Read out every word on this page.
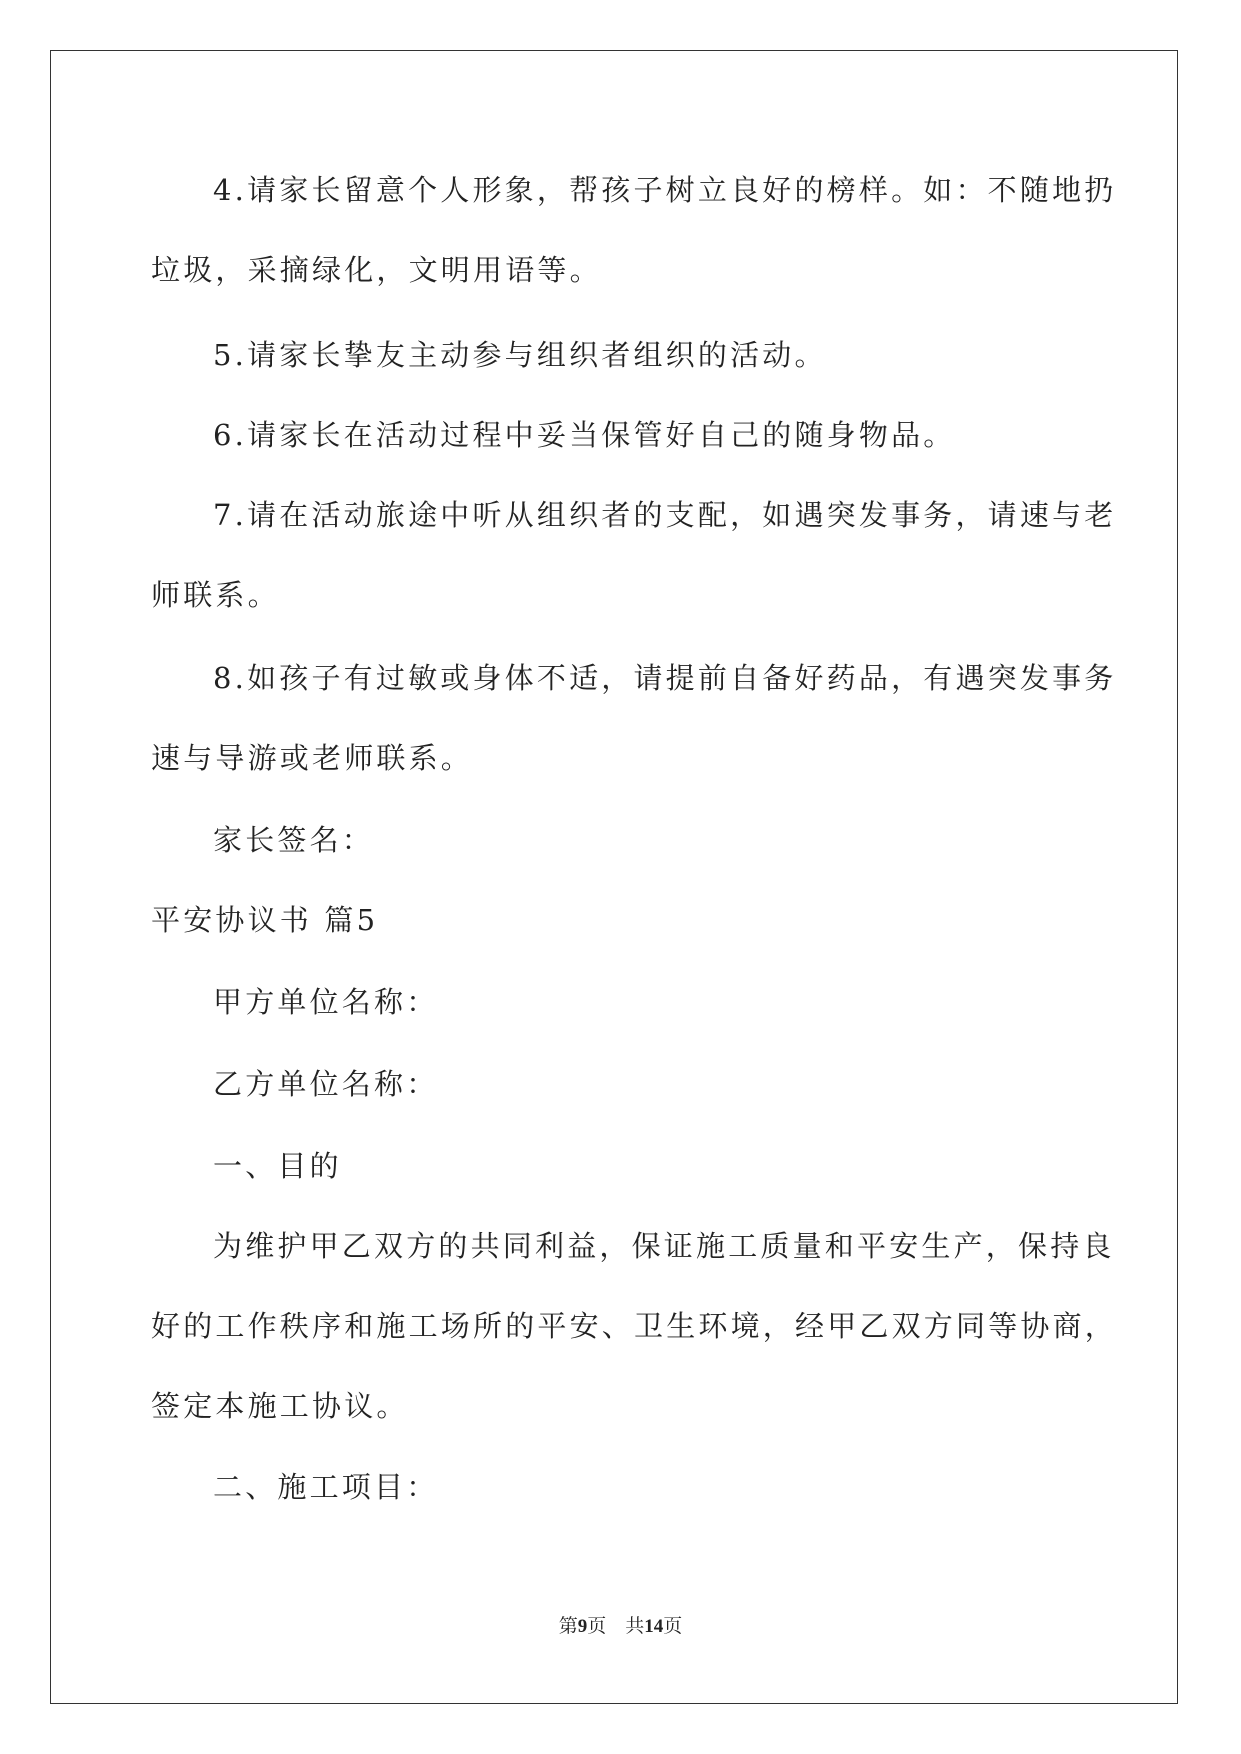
4.请家长留意个人形象，帮孩子树立良好的榜样。如：不随地扔
垃圾，采摘绿化，文明用语等。
5.请家长挚友主动参与组织者组织的活动。
6.请家长在活动过程中妥当保管好自己的随身物品。
7.请在活动旅途中听从组织者的支配，如遇突发事务，请速与老
师联系。
8.如孩子有过敏或身体不适，请提前自备好药品，有遇突发事务
速与导游或老师联系。
家长签名：
平安协议书 篇5
甲方单位名称：
乙方单位名称：
一、目的
为维护甲乙双方的共同利益，保证施工质量和平安生产，保持良
好的工作秩序和施工场所的平安、卫生环境，经甲乙双方同等协商，
签定本施工协议。
二、施工项目：
第9页　共14页
